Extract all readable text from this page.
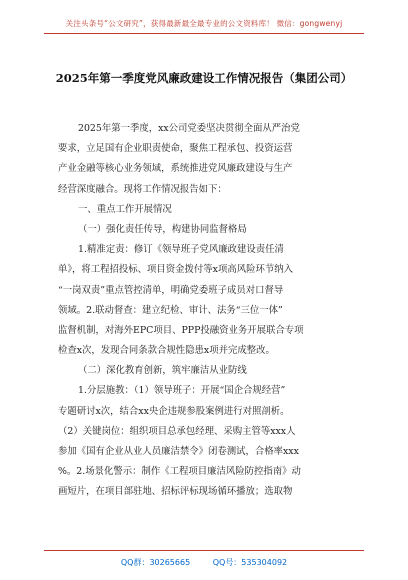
关注头条号“公文研究”，获得最新最全最专业的公文资料库！ 微信：gongwenyj
2025年第一季度党风廉政建设工作情况报告（集团公司）
2025年第一季度，xx公司党委坚决贯彻全面从严治党
要求，立足国有企业职责使命，聚焦工程承包、投资运营
产业金融等核心业务领域，系统推进党风廉政建设与生产
经营深度融合。现将工作情况报告如下：
一、重点工作开展情况
（一）强化责任传导，构建协同监督格局
1.精准定责：修订《领导班子党风廉政建设责任清
单》，将工程招投标、项目资金拨付等x项高风险环节纳入
“一岗双责”重点管控清单，明确党委班子成员对口督导
领域。2.联动督查：建立纪检、审计、法务“三位一体”
监督机制，对海外EPC项目、PPP投融资业务开展联合专项
检查x次，发现合同条款合规性隐患x项并完成整改。
（二）深化教育创新，筑牢廉洁从业防线
1.分层施教：（1）领导班子：开展“国企合规经营”
专题研讨x次，结合xx央企违规参股案例进行对照剖析。
（2）关键岗位：组织项目总承包经理、采购主管等xxx人
参加《国有企业从业人员廉洁禁令》闭卷测试，合格率xxx
%。2.场景化警示：制作《工程项目廉洁风险防控指南》动
画短片，在项目部驻地、招标评标现场循环播放；选取物
QQ群：30265665	QQ号：535304092
